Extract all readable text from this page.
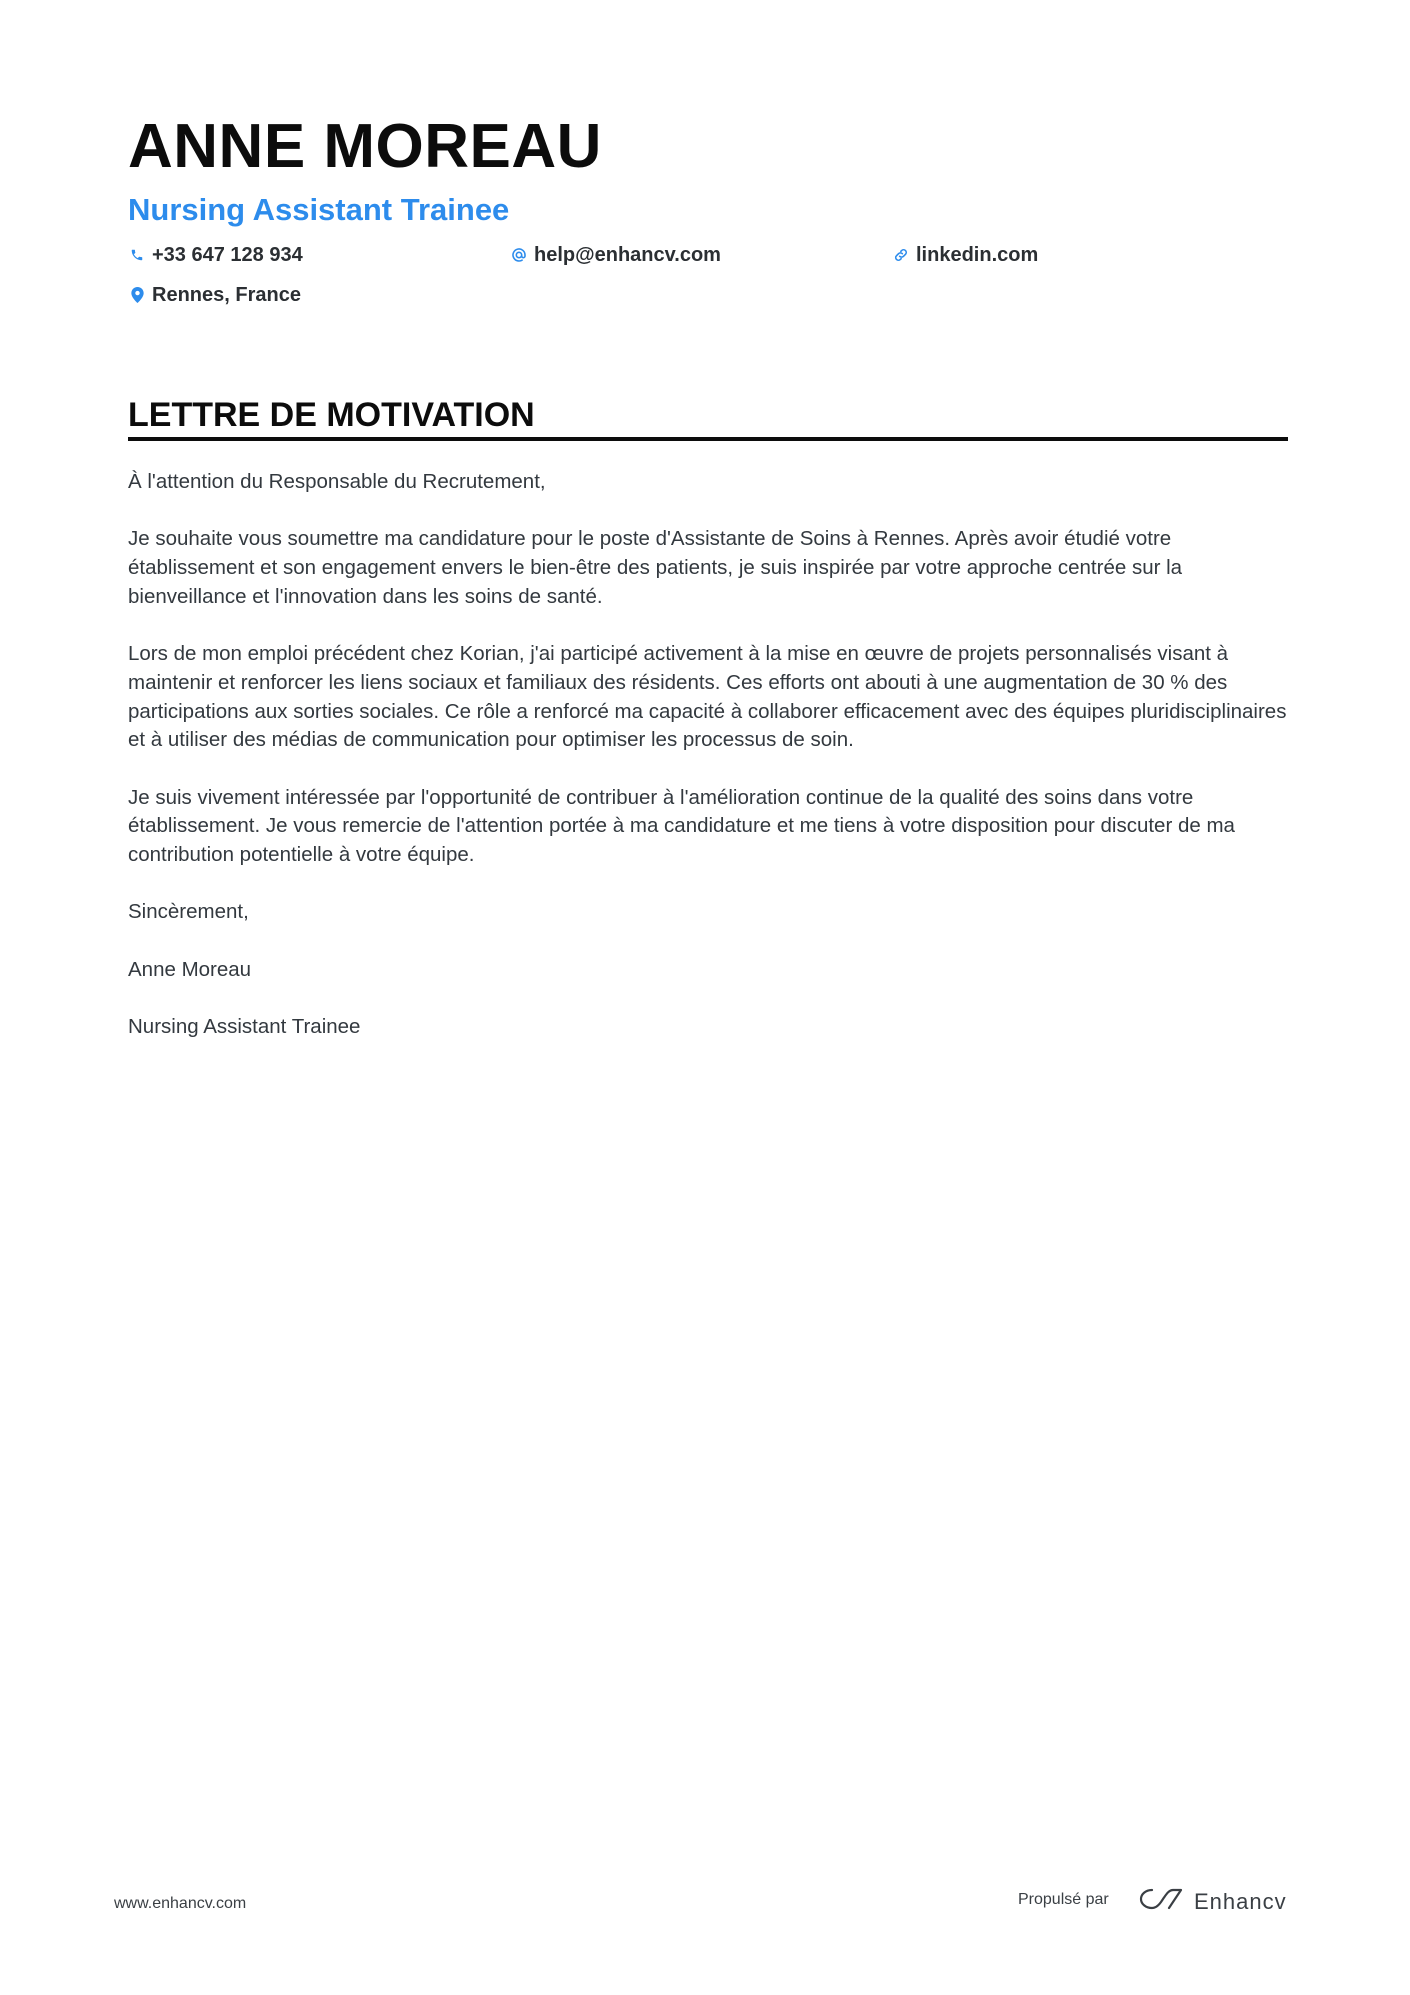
ANNE MOREAU
Nursing Assistant Trainee
+33 647 128 934	help@enhancv.com	linkedin.com
Rennes, France
LETTRE DE MOTIVATION

À l'attention du Responsable du Recrutement,

Je souhaite vous soumettre ma candidature pour le poste d'Assistante de Soins à Rennes. Après avoir étudié votre établissement et son engagement envers le bien-être des patients, je suis inspirée par votre approche centrée sur la bienveillance et l'innovation dans les soins de santé.

Lors de mon emploi précédent chez Korian, j'ai participé activement à la mise en œuvre de projets personnalisés visant à maintenir et renforcer les liens sociaux et familiaux des résidents. Ces efforts ont abouti à une augmentation de 30 % des participations aux sorties sociales. Ce rôle a renforcé ma capacité à collaborer efficacement avec des équipes pluridisciplinaires et à utiliser des médias de communication pour optimiser les processus de soin.

Je suis vivement intéressée par l'opportunité de contribuer à l'amélioration continue de la qualité des soins dans votre établissement. Je vous remercie de l'attention portée à ma candidature et me tiens à votre disposition pour discuter de ma contribution potentielle à votre équipe.

Sincèrement,

Anne Moreau

Nursing Assistant Trainee

www.enhancv.com	Propulsé par	Enhancv
